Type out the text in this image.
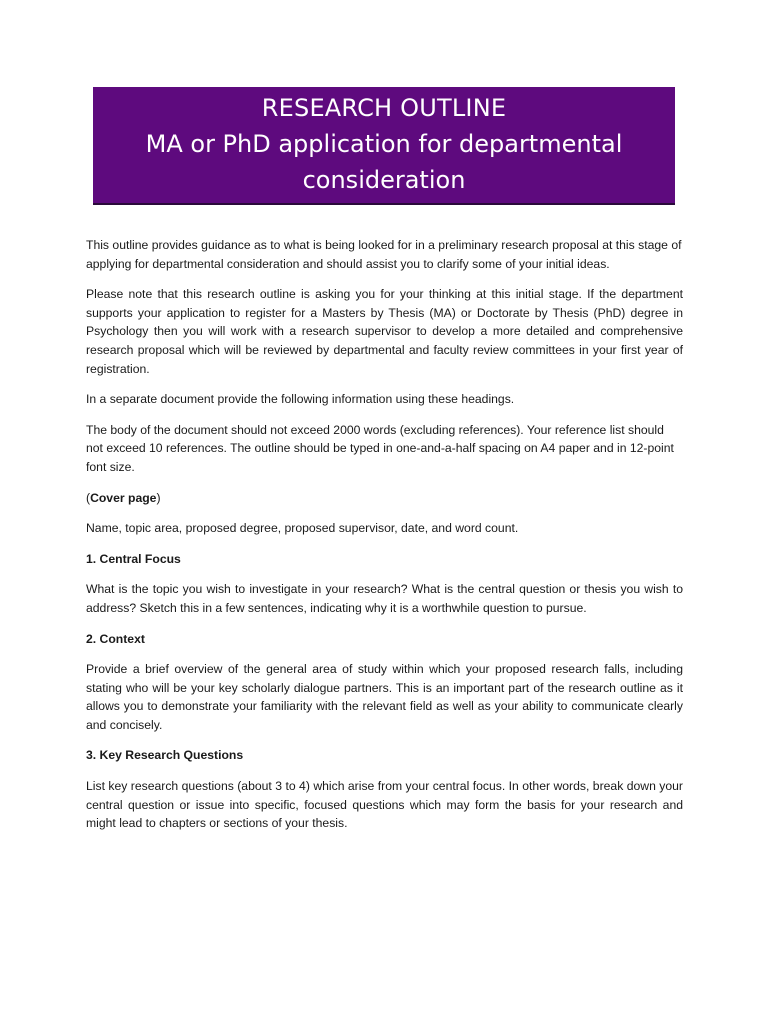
RESEARCH OUTLINE
MA or PhD application for departmental consideration

This outline provides guidance as to what is being looked for in a preliminary research proposal at this stage of applying for departmental consideration and should assist you to clarify some of your initial ideas.

Please note that this research outline is asking you for your thinking at this initial stage. If the department supports your application to register for a Masters by Thesis (MA) or Doctorate by Thesis (PhD) degree in Psychology then you will work with a research supervisor to develop a more detailed and comprehensive research proposal which will be reviewed by departmental and faculty review committees in your first year of registration.

In a separate document provide the following information using these headings.

The body of the document should not exceed 2000 words (excluding references). Your reference list should not exceed 10 references. The outline should be typed in one-and-a-half spacing on A4 paper and in 12-point font size.

(Cover page)

Name, topic area, proposed degree, proposed supervisor, date, and word count.

1. Central Focus

What is the topic you wish to investigate in your research? What is the central question or thesis you wish to address? Sketch this in a few sentences, indicating why it is a worthwhile question to pursue.

2. Context

Provide a brief overview of the general area of study within which your proposed research falls, including stating who will be your key scholarly dialogue partners. This is an important part of the research outline as it allows you to demonstrate your familiarity with the relevant field as well as your ability to communicate clearly and concisely.

3. Key Research Questions

List key research questions (about 3 to 4) which arise from your central focus. In other words, break down your central question or issue into specific, focused questions which may form the basis for your research and might lead to chapters or sections of your thesis.
